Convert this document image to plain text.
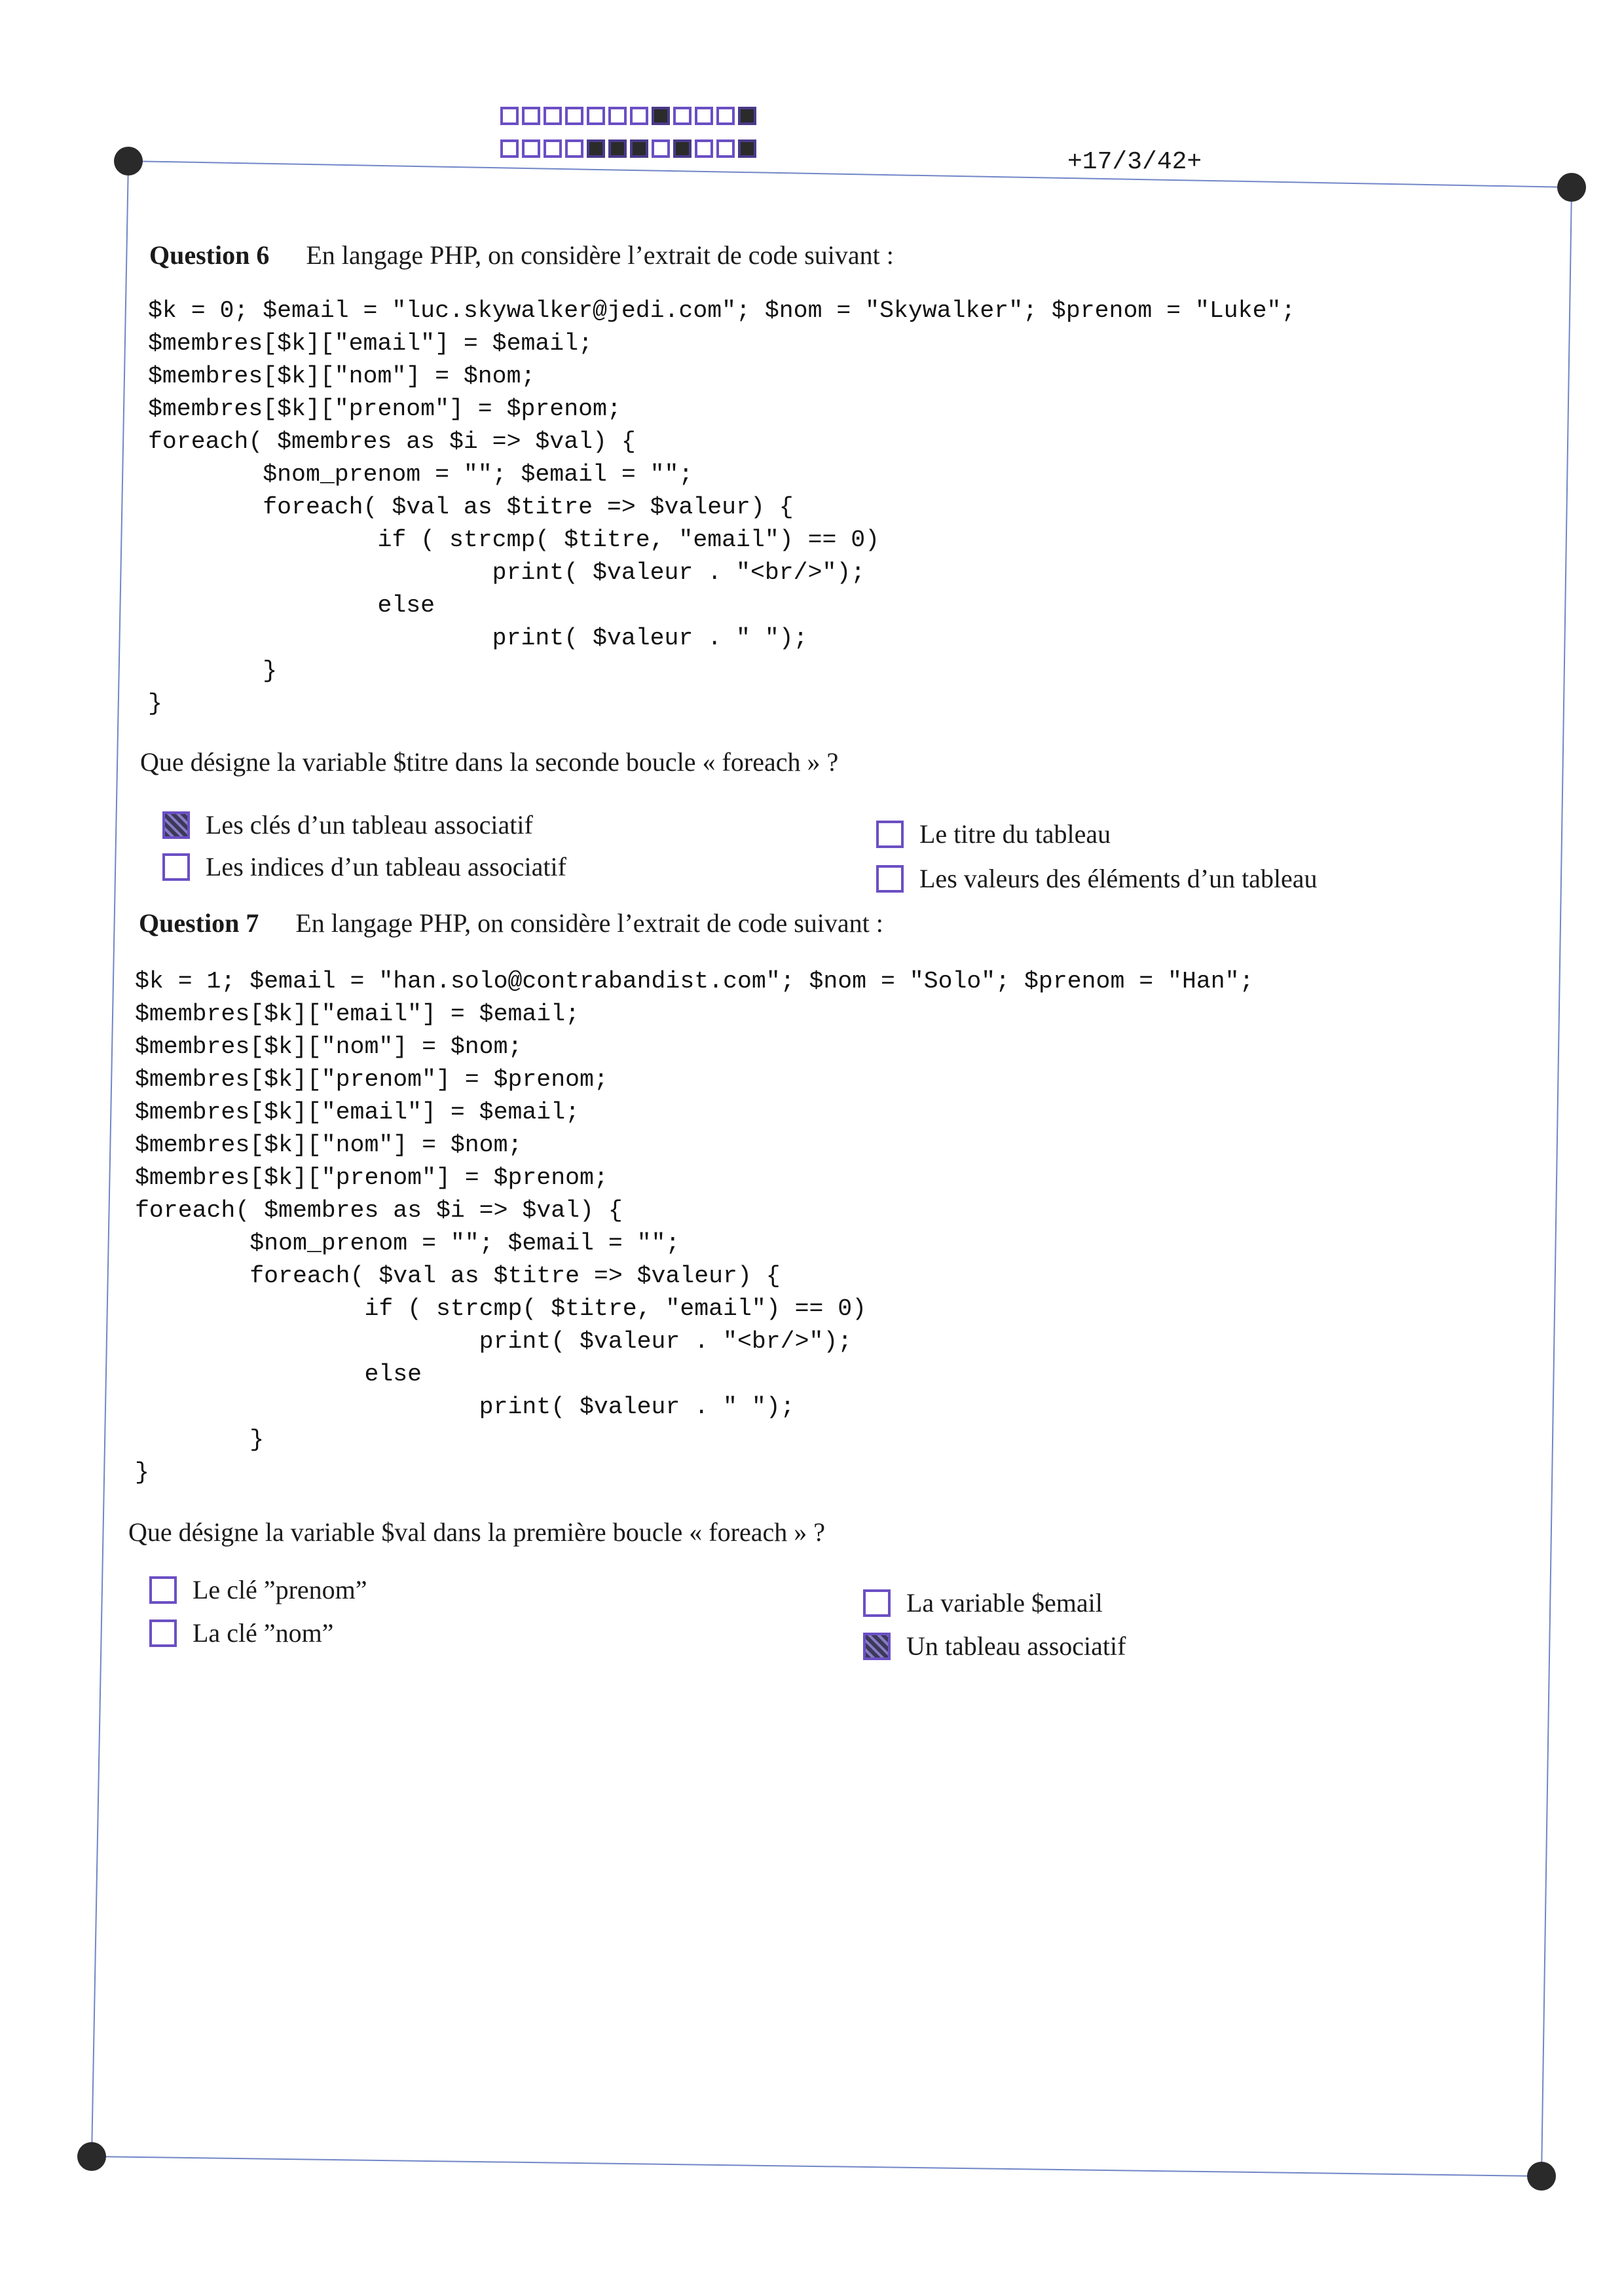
+17/3/42+
Question 6 En langage PHP, on considère l’extrait de code suivant :
$k = 0; $email = "luc.skywalker@jedi.com"; $nom = "Skywalker"; $prenom = "Luke";
$membres[$k]["email"] = $email;
$membres[$k]["nom"] = $nom;
$membres[$k]["prenom"] = $prenom;
foreach( $membres as $i => $val) {
$nom_prenom = ""; $email = "";
foreach( $val as $titre => $valeur) {
if ( strcmp( $titre, "email") == 0)
print( $valeur . "<br/>");
else
print( $valeur . " ");
}
}
Que désigne la variable $titre dans la seconde boucle « foreach » ?
Les clés d’un tableau associatif
Les indices d’un tableau associatif
Le titre du tableau
Les valeurs des éléments d’un tableau
Question 7 En langage PHP, on considère l’extrait de code suivant :
$k = 1; $email = "han.solo@contrabandist.com"; $nom = "Solo"; $prenom = "Han";
$membres[$k]["email"] = $email;
$membres[$k]["nom"] = $nom;
$membres[$k]["prenom"] = $prenom;
$membres[$k]["email"] = $email;
$membres[$k]["nom"] = $nom;
$membres[$k]["prenom"] = $prenom;
foreach( $membres as $i => $val) {
$nom_prenom = ""; $email = "";
foreach( $val as $titre => $valeur) {
if ( strcmp( $titre, "email") == 0)
print( $valeur . "<br/>");
else
print( $valeur . " ");
}
}
Que désigne la variable $val dans la première boucle « foreach » ?
Le clé ”prenom”
La clé ”nom”
La variable $email
Un tableau associatif
